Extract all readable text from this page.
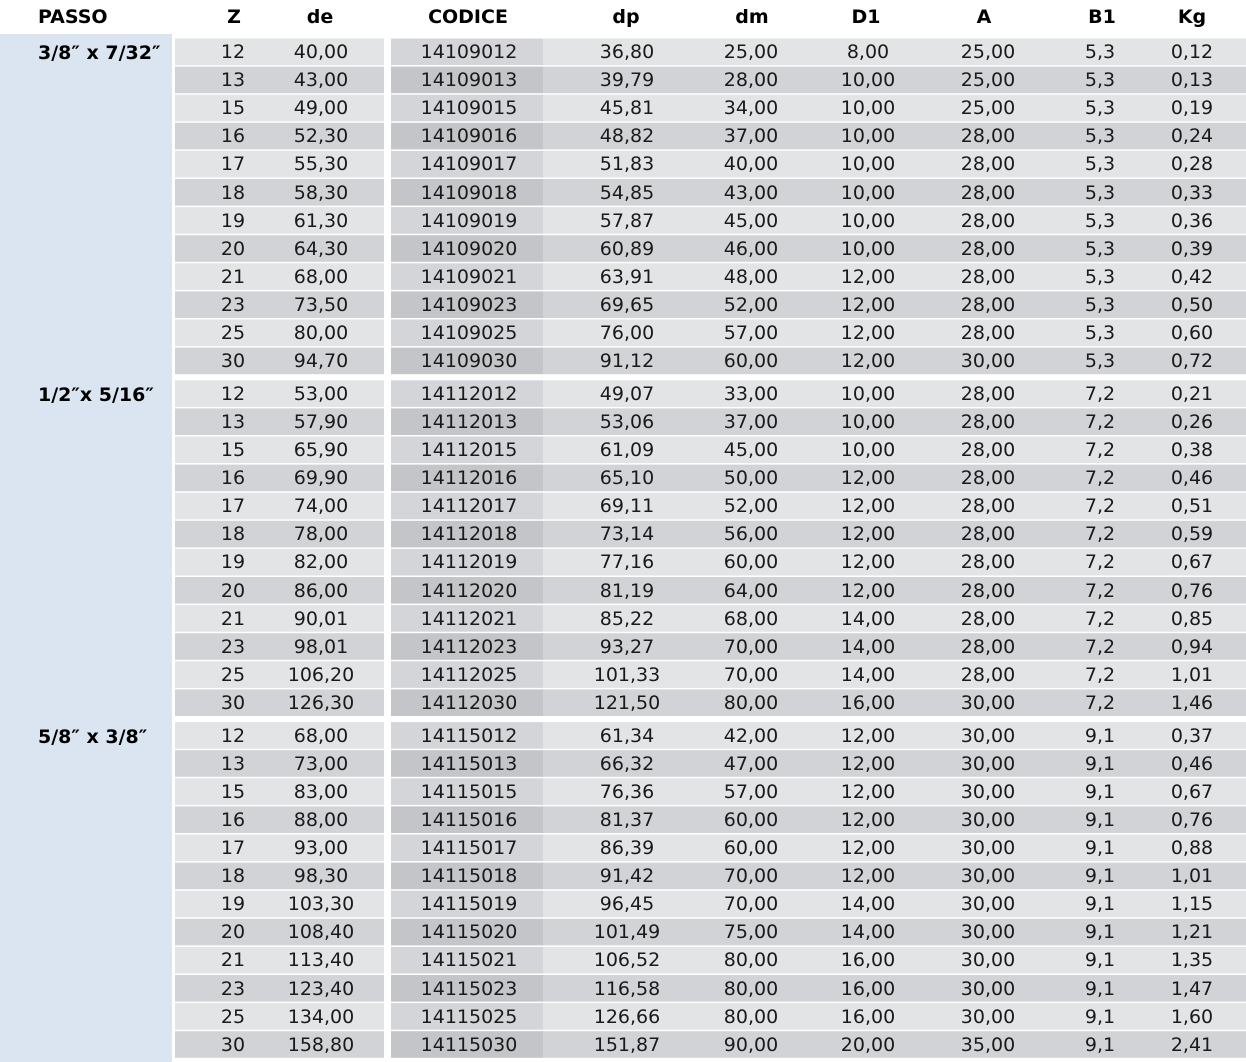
PASSO	Z	de	CODICE	dp	dm	D1	A	B1	Kg
3/8″ x 7/32″	12	40,00	14109012	36,80	25,00	8,00	25,00	5,3	0,12
13	43,00	14109013	39,79	28,00	10,00	25,00	5,3	0,13
15	49,00	14109015	45,81	34,00	10,00	25,00	5,3	0,19
16	52,30	14109016	48,82	37,00	10,00	28,00	5,3	0,24
17	55,30	14109017	51,83	40,00	10,00	28,00	5,3	0,28
18	58,30	14109018	54,85	43,00	10,00	28,00	5,3	0,33
19	61,30	14109019	57,87	45,00	10,00	28,00	5,3	0,36
20	64,30	14109020	60,89	46,00	10,00	28,00	5,3	0,39
21	68,00	14109021	63,91	48,00	12,00	28,00	5,3	0,42
23	73,50	14109023	69,65	52,00	12,00	28,00	5,3	0,50
25	80,00	14109025	76,00	57,00	12,00	28,00	5,3	0,60
30	94,70	14109030	91,12	60,00	12,00	30,00	5,3	0,72
1/2″x 5/16″	12	53,00	14112012	49,07	33,00	10,00	28,00	7,2	0,21
13	57,90	14112013	53,06	37,00	10,00	28,00	7,2	0,26
15	65,90	14112015	61,09	45,00	10,00	28,00	7,2	0,38
16	69,90	14112016	65,10	50,00	12,00	28,00	7,2	0,46
17	74,00	14112017	69,11	52,00	12,00	28,00	7,2	0,51
18	78,00	14112018	73,14	56,00	12,00	28,00	7,2	0,59
19	82,00	14112019	77,16	60,00	12,00	28,00	7,2	0,67
20	86,00	14112020	81,19	64,00	12,00	28,00	7,2	0,76
21	90,01	14112021	85,22	68,00	14,00	28,00	7,2	0,85
23	98,01	14112023	93,27	70,00	14,00	28,00	7,2	0,94
25	106,20	14112025	101,33	70,00	14,00	28,00	7,2	1,01
30	126,30	14112030	121,50	80,00	16,00	30,00	7,2	1,46
5/8″ x 3/8″	12	68,00	14115012	61,34	42,00	12,00	30,00	9,1	0,37
13	73,00	14115013	66,32	47,00	12,00	30,00	9,1	0,46
15	83,00	14115015	76,36	57,00	12,00	30,00	9,1	0,67
16	88,00	14115016	81,37	60,00	12,00	30,00	9,1	0,76
17	93,00	14115017	86,39	60,00	12,00	30,00	9,1	0,88
18	98,30	14115018	91,42	70,00	12,00	30,00	9,1	1,01
19	103,30	14115019	96,45	70,00	14,00	30,00	9,1	1,15
20	108,40	14115020	101,49	75,00	14,00	30,00	9,1	1,21
21	113,40	14115021	106,52	80,00	16,00	30,00	9,1	1,35
23	123,40	14115023	116,58	80,00	16,00	30,00	9,1	1,47
25	134,00	14115025	126,66	80,00	16,00	30,00	9,1	1,60
30	158,80	14115030	151,87	90,00	20,00	35,00	9,1	2,41
